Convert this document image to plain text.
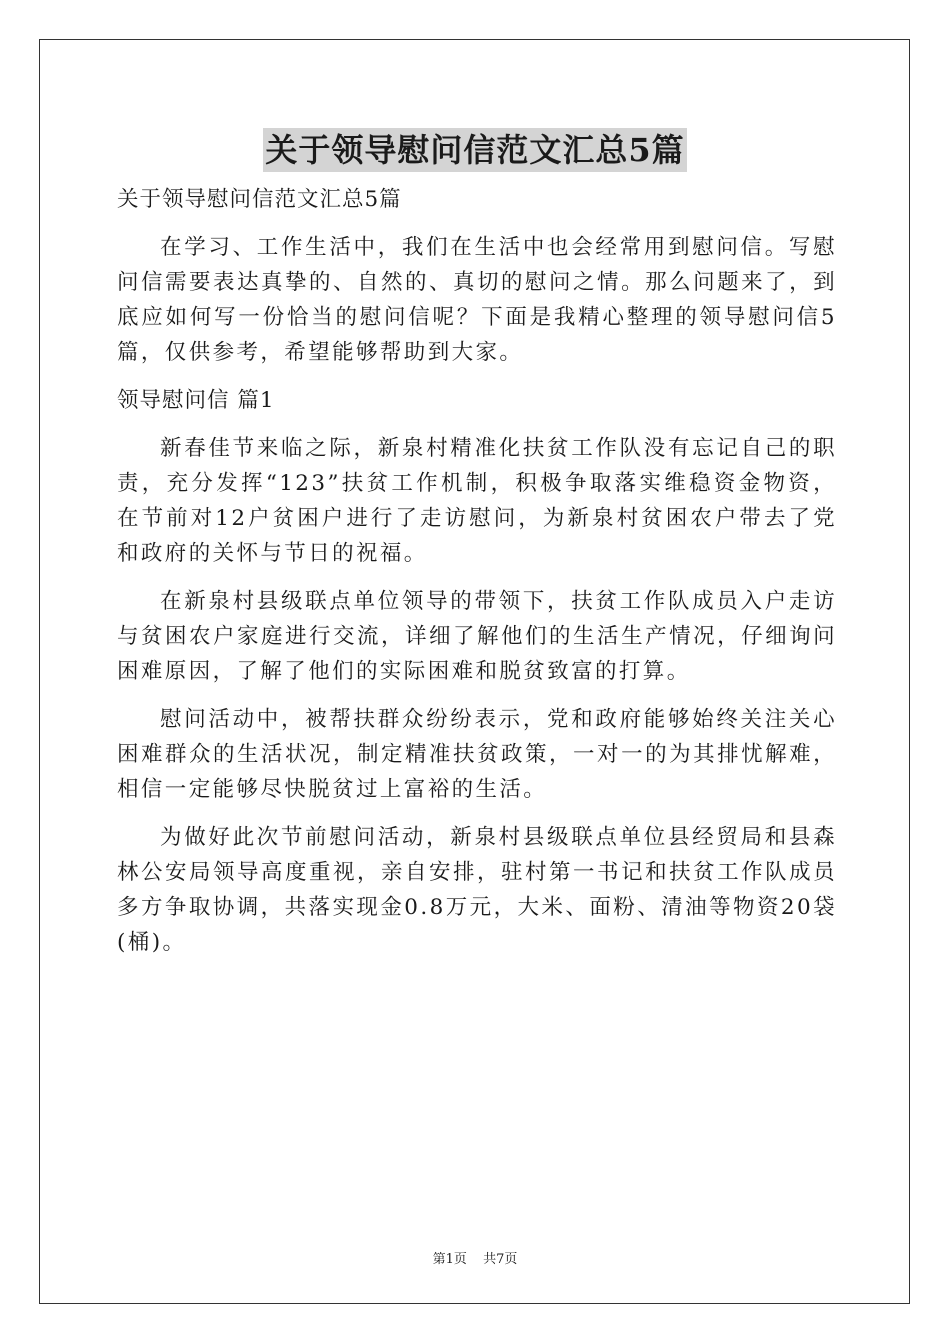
关于领导慰问信范文汇总5篇

关于领导慰问信范文汇总5篇

在学习、工作生活中，我们在生活中也会经常用到慰问信。写慰问信需要表达真挚的、自然的、真切的慰问之情。那么问题来了，到底应如何写一份恰当的慰问信呢？下面是我精心整理的领导慰问信5篇，仅供参考，希望能够帮助到大家。

领导慰问信 篇1

新春佳节来临之际，新泉村精准化扶贫工作队没有忘记自己的职责，充分发挥“123”扶贫工作机制，积极争取落实维稳资金物资，在节前对12户贫困户进行了走访慰问，为新泉村贫困农户带去了党和政府的关怀与节日的祝福。

在新泉村县级联点单位领导的带领下，扶贫工作队成员入户走访与贫困农户家庭进行交流，详细了解他们的生活生产情况，仔细询问困难原因，了解了他们的实际困难和脱贫致富的打算。

慰问活动中，被帮扶群众纷纷表示，党和政府能够始终关注关心困难群众的生活状况，制定精准扶贫政策，一对一的为其排忧解难，相信一定能够尽快脱贫过上富裕的生活。

为做好此次节前慰问活动，新泉村县级联点单位县经贸局和县森林公安局领导高度重视，亲自安排，驻村第一书记和扶贫工作队成员多方争取协调，共落实现金0.8万元，大米、面粉、清油等物资20袋(桶)。

第1页 共7页
